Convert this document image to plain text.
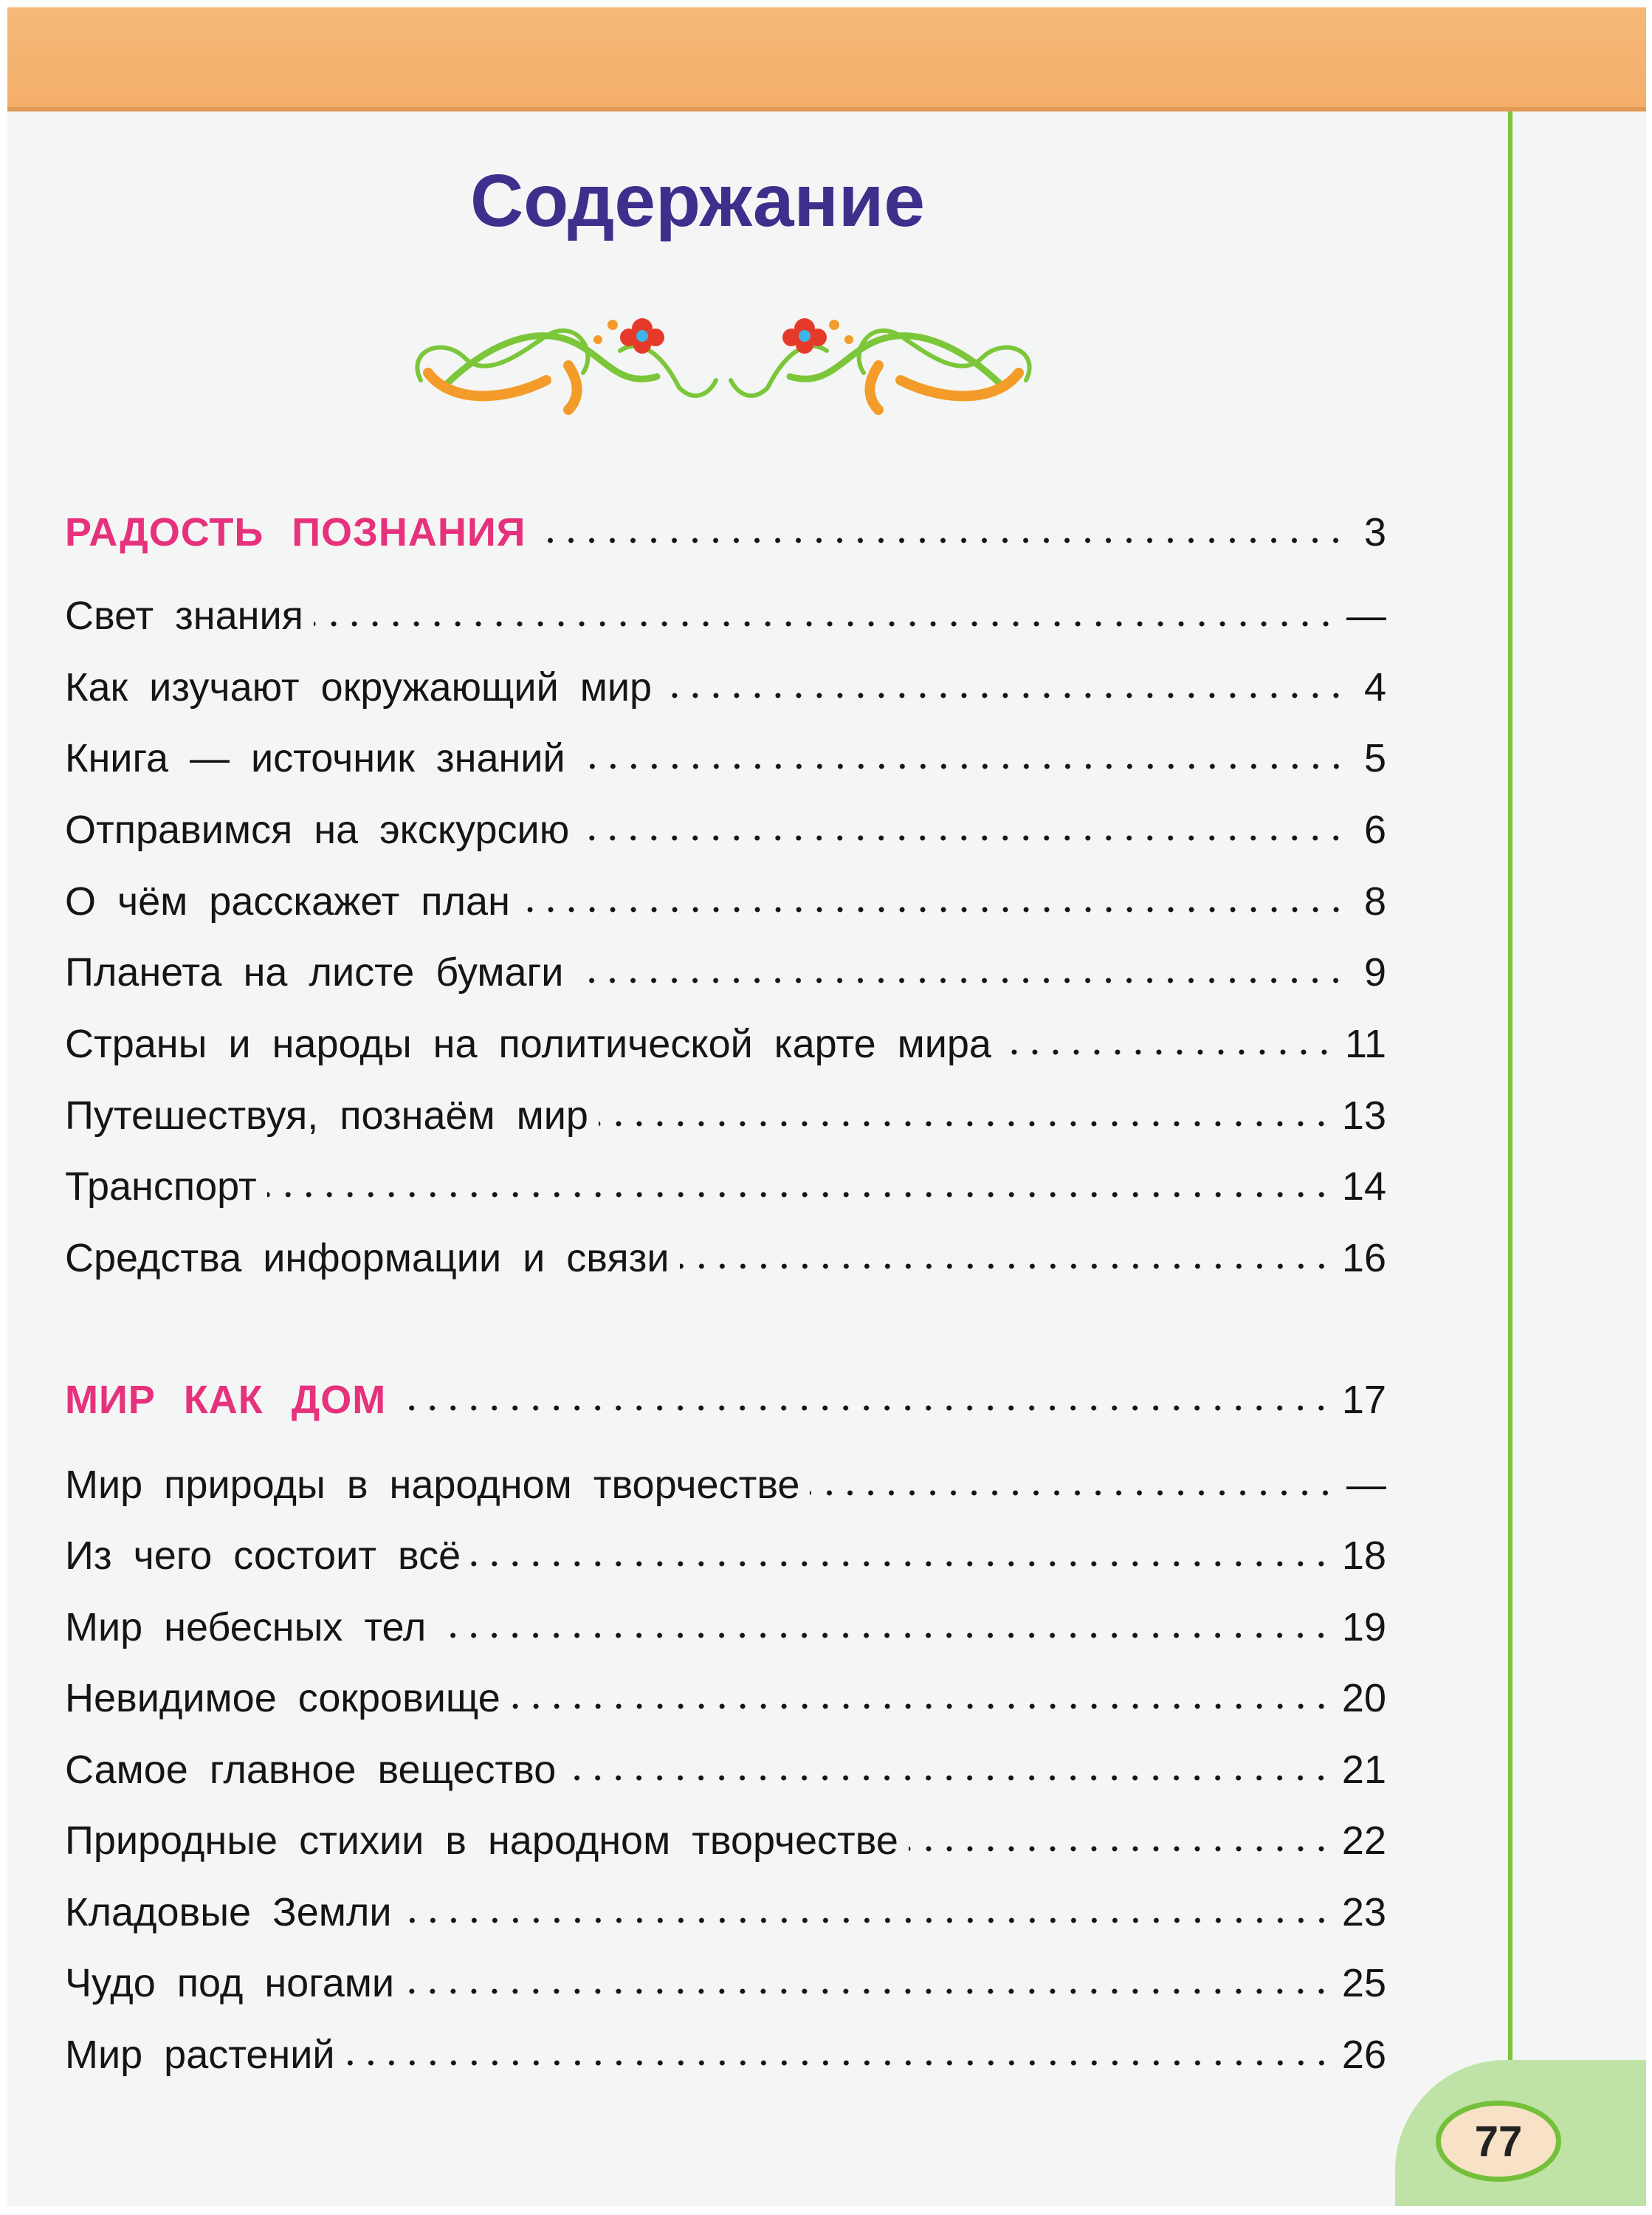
77
Содержание
РАДОСТЬ ПОЗНАНИЯ	3
Свет знания	—
Как изучают окружающий мир	4
Книга — источник знаний	5
Отправимся на экскурсию	6
О чём расскажет план	8
Планета на листе бумаги	9
Страны и народы на политической карте мира	11
Путешествуя, познаём мир	13
Транспорт	14
Средства информации и связи	16
МИР КАК ДОМ	17
Мир природы в народном творчестве	—
Из чего состоит всё	18
Мир небесных тел	19
Невидимое сокровище	20
Самое главное вещество	21
Природные стихии в народном творчестве	22
Кладовые Земли	23
Чудо под ногами	25
Мир растений	26
